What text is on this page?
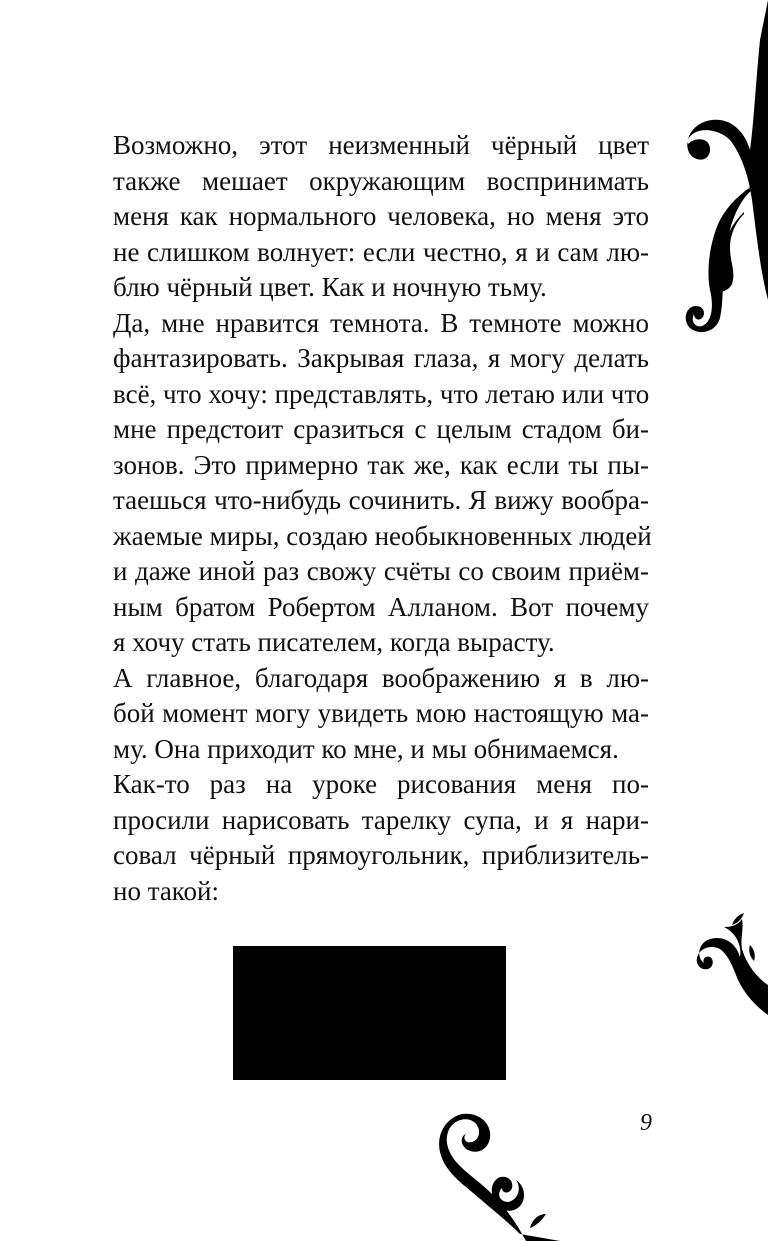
Возможно, этот неизменный чёрный цвет
также мешает окружающим воспринимать
меня как нормального человека, но меня это
не слишком волнует: если честно, я и сам лю-
блю чёрный цвет. Как и ночную тьму.
Да, мне нравится темнота. В темноте можно
фантазировать. Закрывая глаза, я могу делать
всё, что хочу: представлять, что летаю или что
мне предстоит сразиться с целым стадом би-
зонов. Это примерно так же, как если ты пы-
таешься что-нибудь сочинить. Я вижу вообра-
жаемые миры, создаю необыкновенных людей
и даже иной раз свожу счёты со своим приём-
ным братом Робертом Алланом. Вот почему
я хочу стать писателем, когда вырасту.
А главное, благодаря воображению я в лю-
бой момент могу увидеть мою настоящую ма-
му. Она приходит ко мне, и мы обнимаемся.
Как-то раз на уроке рисования меня по-
просили нарисовать тарелку супа, и я нари-
совал чёрный прямоугольник, приблизитель-
но такой:
9
